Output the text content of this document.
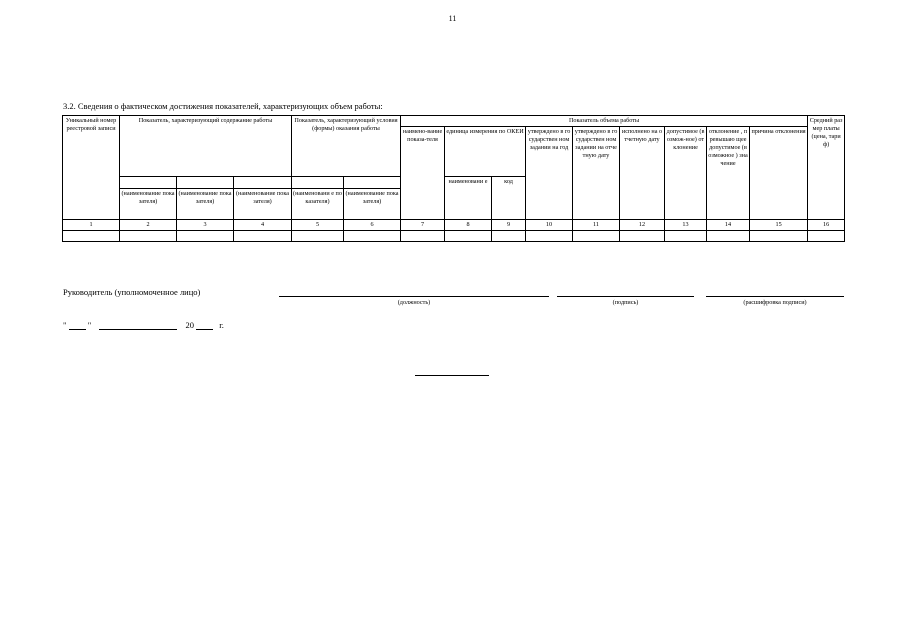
11
3.2. Сведения о фактическом достижения показателей, характеризующих объем работы:
Уникальный номер реестровой записи	Показатель, характеризующий содержание работы			Показатель, характеризующий условия (формы) оказания работы		Показатель объема работы									Средний размер платы (цена, тариф)
						наимено-вание показа-теля	единица измерения по ОКЕИ		утверждено в государствен ном задании на год	утверждено в государствен ном задании на отчетную дату	исполнено на отчетную дату	допустимое (возмож-ное) отклонение	отклонение , превышаю щее допустимое (возможное ) значение	причина отклонения	
							наименовани е	код							
	(наименование показателя)	(наименование показателя)	(наименование показателя)	(наименовани е показателя)	(наименование показателя)										
1	2	3	4	5	6	7	8	9	10	11	12	13	14	15	16

Руководитель (уполномоченное лицо)
(должность)	(подпись)	(расшифровка подписи)
"	"	20	г.
